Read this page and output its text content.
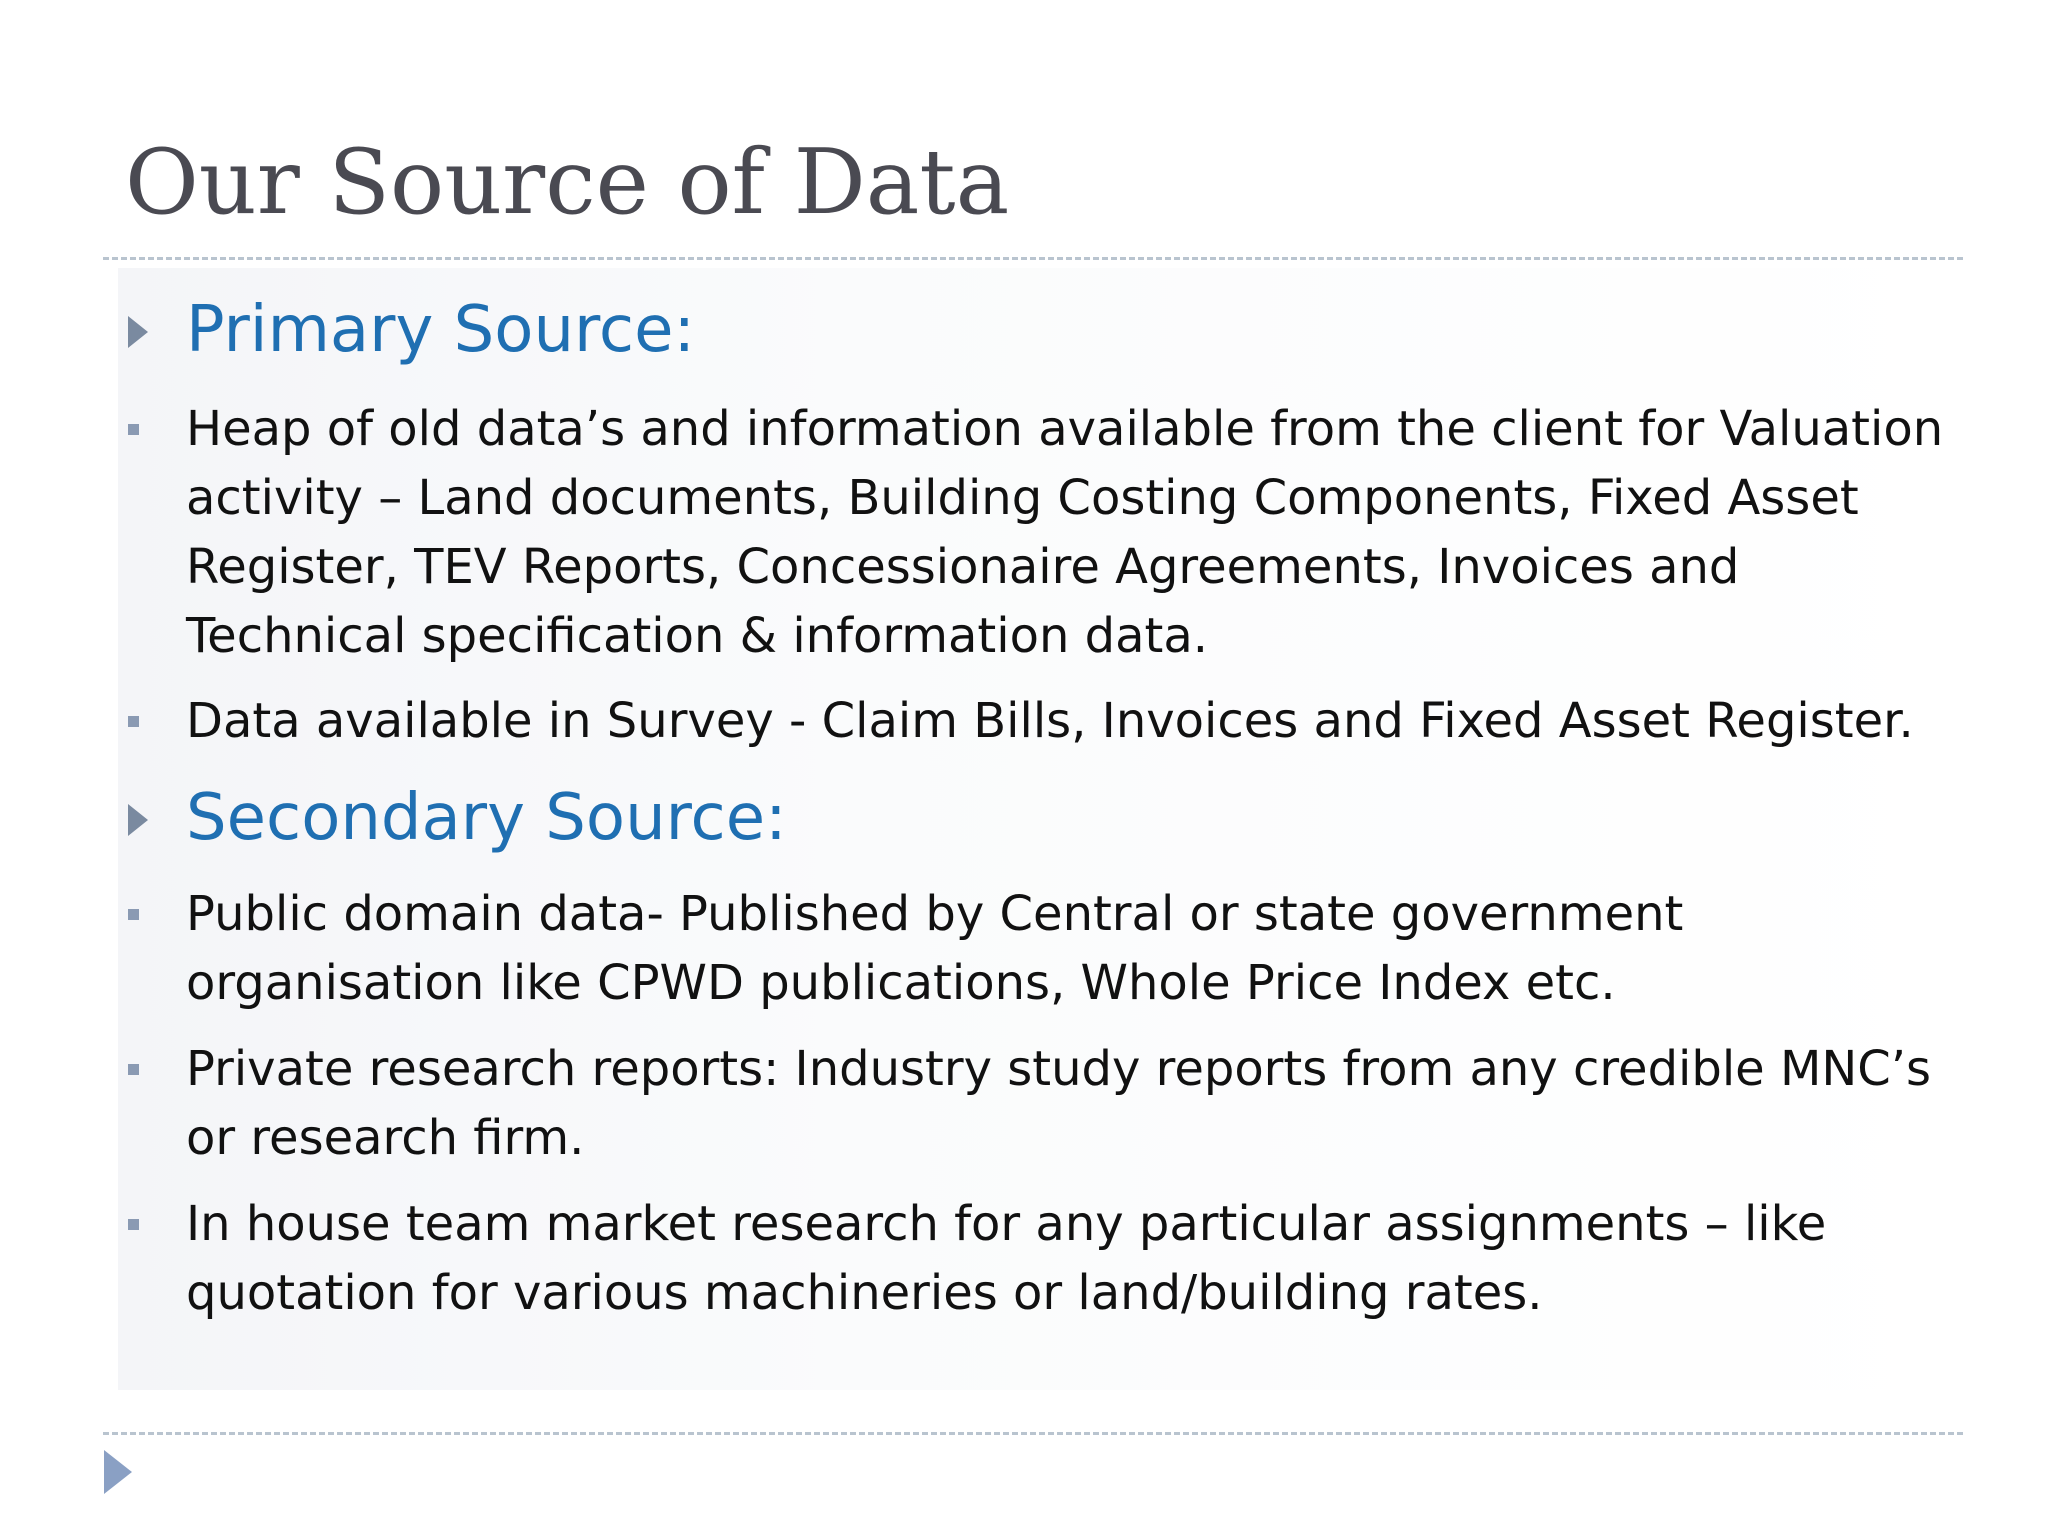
Our Source of Data
Primary Source:
Heap of old data’s and information available from the client for Valuation activity – Land documents, Building Costing Components, Fixed Asset Register, TEV Reports, Concessionaire Agreements, Invoices and Technical specification & information data.
Data available in Survey - Claim Bills, Invoices and Fixed Asset Register.
Secondary Source:
Public domain data- Published by Central or state government organisation like CPWD publications, Whole Price Index etc.
Private research reports: Industry study reports from any credible MNC’s or research firm.
In house team market research for any particular assignments – like quotation for various machineries or land/building rates.
